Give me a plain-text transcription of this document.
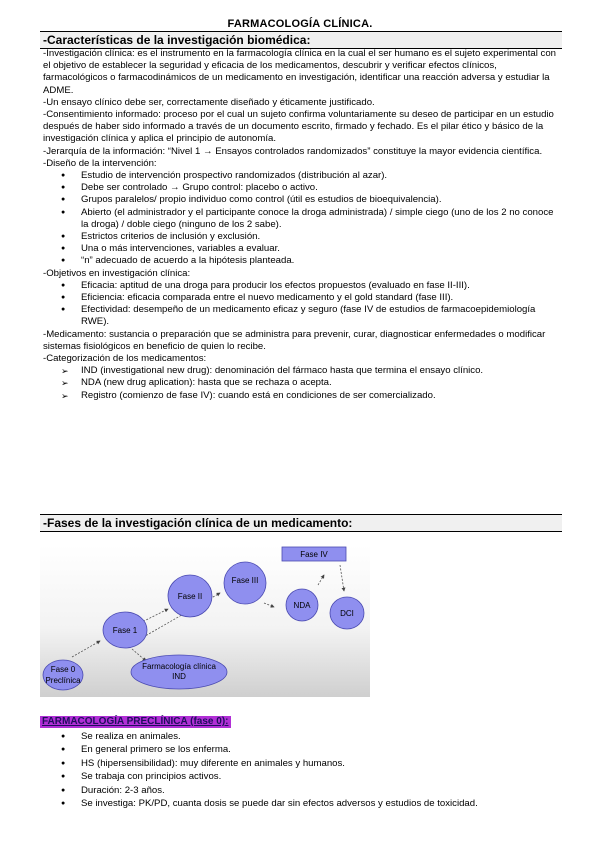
FARMACOLOGÍA CLÍNICA.
-Características de la investigación biomédica:

-Investigación clínica: es el instrumento en la farmacología clínica en la cual el ser humano es el sujeto experimental con el objetivo de establecer la seguridad y eficacia de los medicamentos, descubrir y verificar efectos clínicos, farmacológicos o farmacodinámicos de un medicamento en investigación, identificar una reacción adversa y estudiar la ADME.

-Un ensayo clínico debe ser, correctamente diseñado y éticamente justificado.

-Consentimiento informado: proceso por el cual un sujeto confirma voluntariamente su deseo de participar en un estudio después de haber sido informado a través de un documento escrito, firmado y fechado. Es el pilar ético y básico de la investigación clínica y aplica el principio de autonomía.

-Jerarquía de la información: “Nivel 1 → Ensayos controlados randomizados” constituye la mayor evidencia científica.

-Diseño de la intervención:

● Estudio de intervención prospectivo randomizados (distribución al azar).
● Debe ser controlado → Grupo control: placebo o activo.
● Grupos paralelos/ propio individuo como control (útil es estudios de bioequivalencia).
● Abierto (el administrador y el participante conoce la droga administrada) / simple ciego (uno de los 2 no conoce la droga) / doble ciego (ninguno de los 2 sabe).
● Estrictos criterios de inclusión y exclusión.
● Una o más intervenciones, variables a evaluar.
● “n” adecuado de acuerdo a la hipótesis planteada.

-Objetivos en investigación clínica:

● Eficacia: aptitud de una droga para producir los efectos propuestos (evaluado en fase II-III).
● Eficiencia: eficacia comparada entre el nuevo medicamento y el gold standard (fase III).
● Efectividad: desempeño de un medicamento eficaz y seguro (fase IV de estudios de farmacoepidemiología RWE).

-Medicamento: sustancia o preparación que se administra para prevenir, curar, diagnosticar enfermedades o modificar sistemas fisiológicos en beneficio de quien lo recibe.

-Categorización de los medicamentos:

➢ IND (investigational new drug): denominación del fármaco hasta que termina el ensayo clínico.
➢ NDA (new drug aplication): hasta que se rechaza o acepta.
➢ Registro (comienzo de fase IV): cuando está en condiciones de ser comercializado.
-Fases de la investigación clínica de un medicamento:
Fase 0
Preclínica
Fase 1
Fase II
Fase III
Farmacología clínica
IND
NDA
DCI
Fase IV
FARMACOLOGÍA PRECLÍNICA (fase 0):
● Se realiza en animales.
● En general primero se los enferma.
● HS (hipersensibilidad): muy diferente en animales y humanos.
● Se trabaja con principios activos.
● Duración: 2-3 años.
● Se investiga: PK/PD, cuanta dosis se puede dar sin efectos adversos y estudios de toxicidad.
